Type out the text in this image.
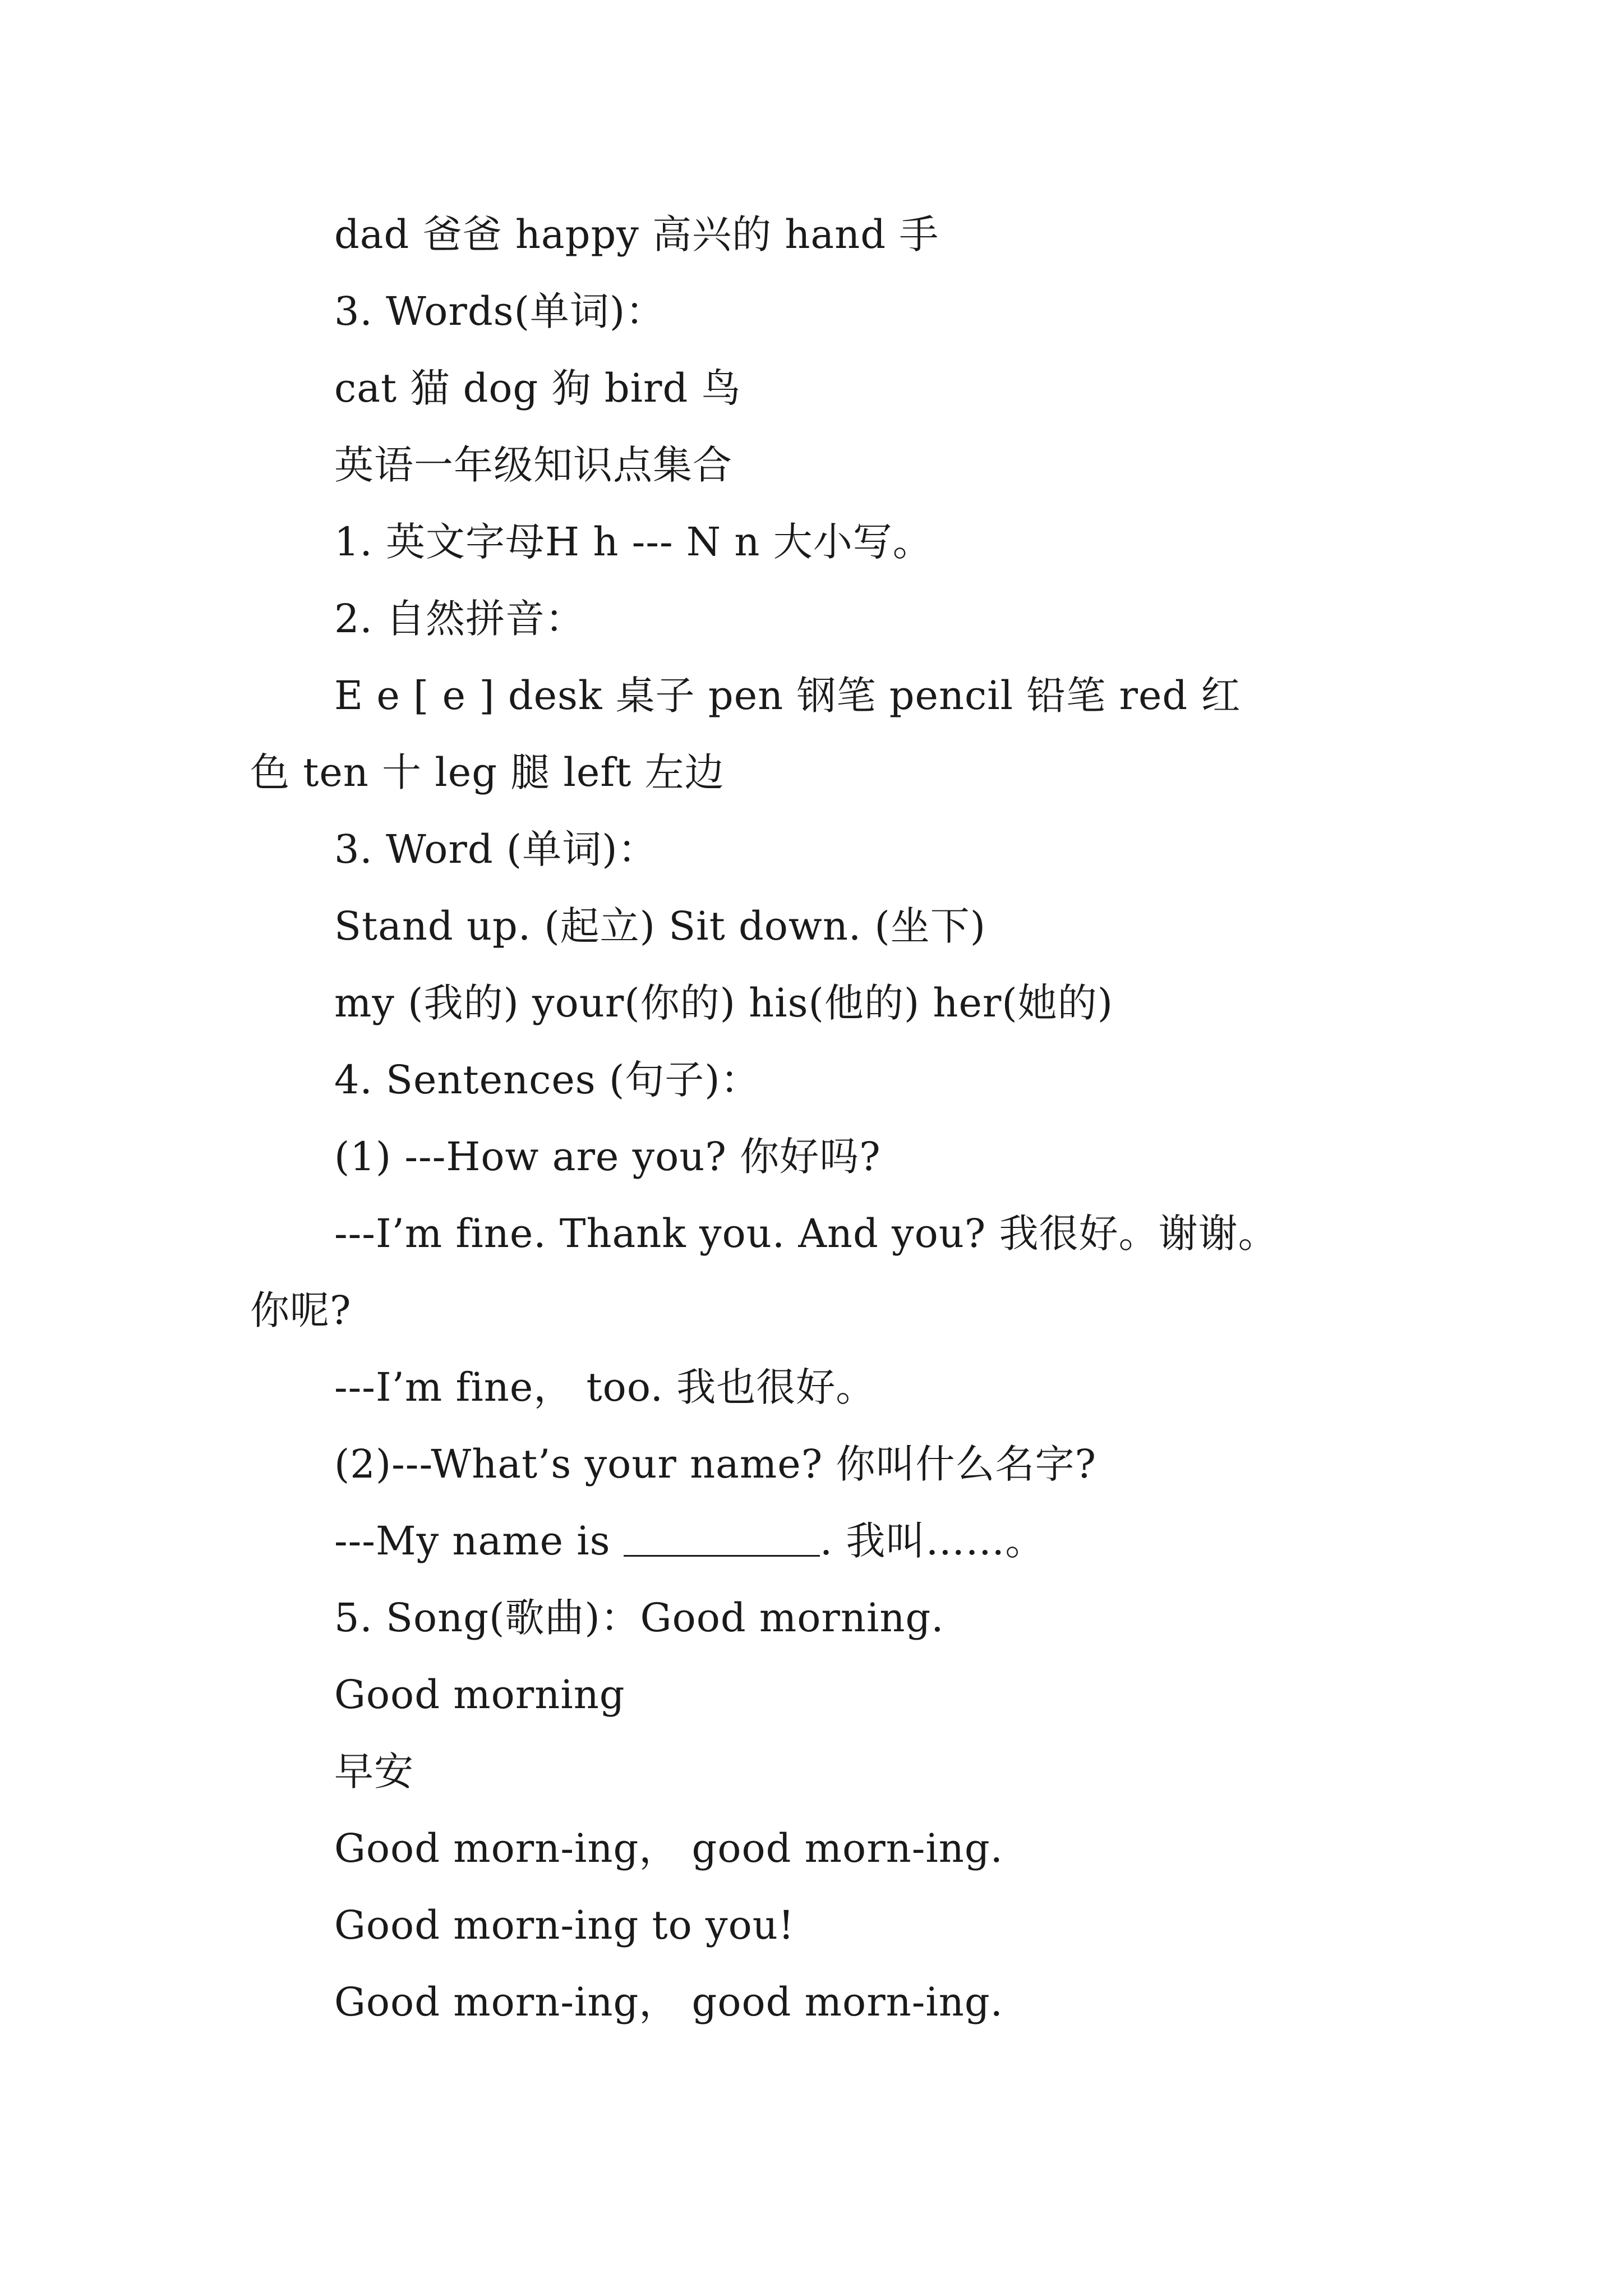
dad 爸爸 happy 高兴的 hand 手
3. Words(单词)：
cat 猫 dog 狗 bird 鸟
英语一年级知识点集合
1. 英文字母H h --- N n 大小写。
2. 自然拼音：
E e [ e ] desk 桌子 pen 钢笔 pencil 铅笔 red 红
色 ten 十 leg 腿 left 左边
3. Word (单词)：
Stand up. (起立) Sit down. (坐下)
my (我的) your(你的) his(他的) her(她的)
4. Sentences (句子)：
(1) ---How are you? 你好吗?
---I’m fine. Thank you. And you? 我很好。谢谢。
你呢?
---I’m fine， too. 我也很好。
(2)---What’s your name? 你叫什么名字?
---My name is	. 我叫……。
5. Song(歌曲)：Good morning.
Good morning
早安
Good morn-ing， good morn-ing.
Good morn-ing to you!
Good morn-ing， good morn-ing.
